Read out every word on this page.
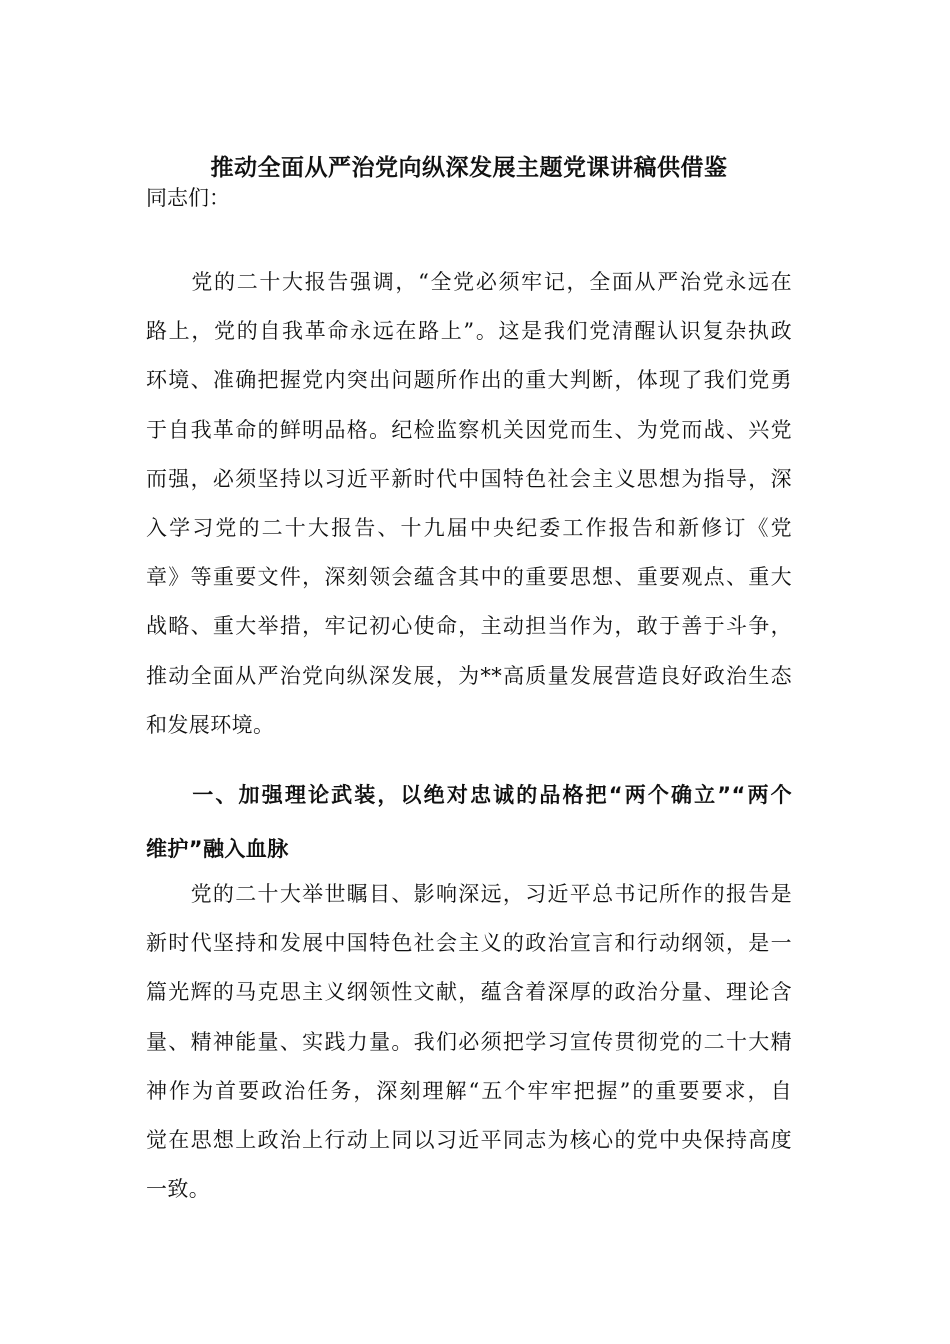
推动全面从严治党向纵深发展主题党课讲稿供借鉴
同志们：
　　党的二十大报告强调，“全党必须牢记，全面从严治党永远在
路上，党的自我革命永远在路上”。这是我们党清醒认识复杂执政
环境、准确把握党内突出问题所作出的重大判断，体现了我们党勇
于自我革命的鲜明品格。纪检监察机关因党而生、为党而战、兴党
而强，必须坚持以习近平新时代中国特色社会主义思想为指导，深
入学习党的二十大报告、十九届中央纪委工作报告和新修订《党
章》等重要文件，深刻领会蕴含其中的重要思想、重要观点、重大
战略、重大举措，牢记初心使命，主动担当作为，敢于善于斗争，
推动全面从严治党向纵深发展，为**高质量发展营造良好政治生态
和发展环境。
　　一、加强理论武装，以绝对忠诚的品格把“两个确立”“两个
维护”融入血脉
　　党的二十大举世瞩目、影响深远，习近平总书记所作的报告是
新时代坚持和发展中国特色社会主义的政治宣言和行动纲领，是一
篇光辉的马克思主义纲领性文献，蕴含着深厚的政治分量、理论含
量、精神能量、实践力量。我们必须把学习宣传贯彻党的二十大精
神作为首要政治任务，深刻理解“五个牢牢把握”的重要要求，自
觉在思想上政治上行动上同以习近平同志为核心的党中央保持高度
一致。
